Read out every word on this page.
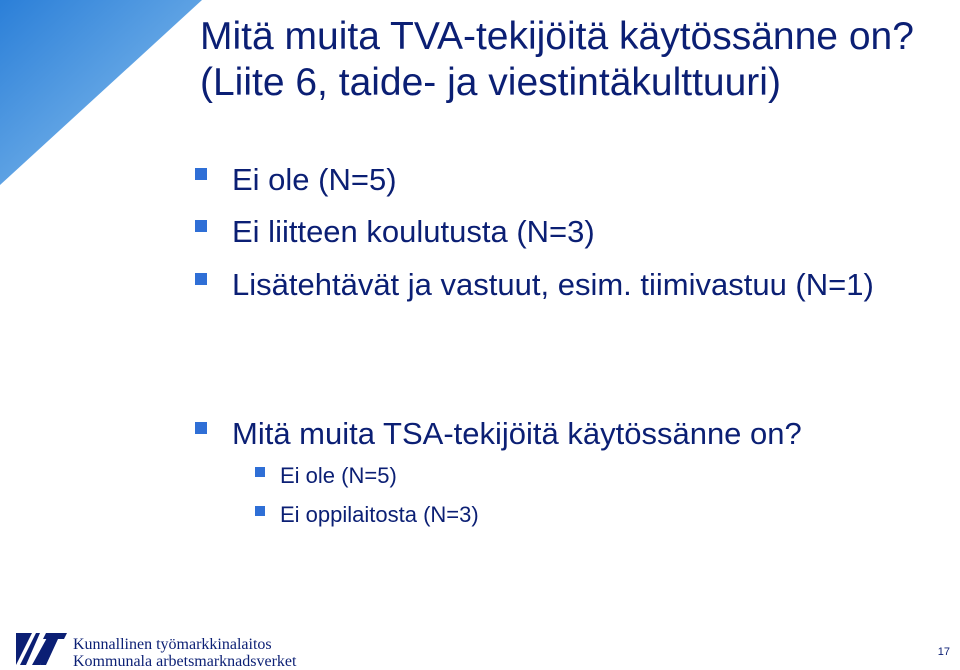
Mitä muita TVA-tekijöitä käytössänne on? (Liite 6, taide- ja viestintäkulttuuri)
Ei ole (N=5)
Ei liitteen koulutusta (N=3)
Lisätehtävät ja vastuut, esim. tiimivastuu (N=1)
Mitä muita TSA-tekijöitä käytössänne on?
Ei ole (N=5)
Ei oppilaitosta (N=3)
Kunnallinen työmarkkinalaitos
Kommunala arbetsmarknadsverket
17
